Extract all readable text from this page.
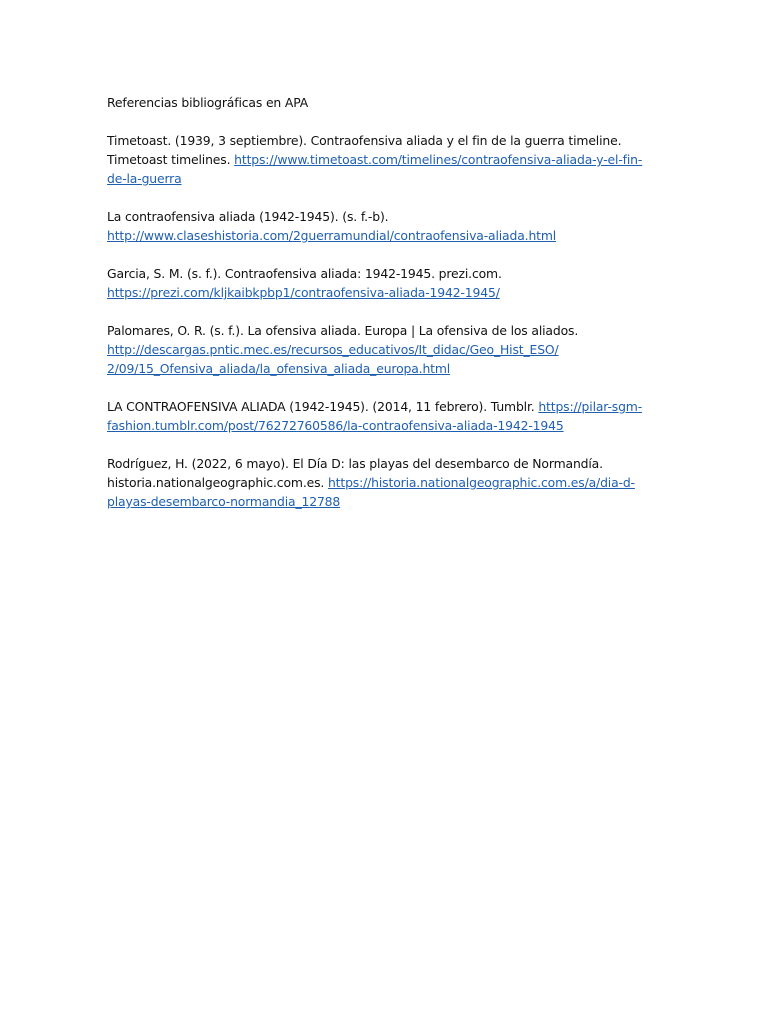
Referencias bibliográficas en APA

Timetoast. (1939, 3 septiembre). Contraofensiva aliada y el fin de la guerra timeline.
Timetoast timelines. https://www.timetoast.com/timelines/contraofensiva-aliada-y-el-fin-
de-la-guerra

La contraofensiva aliada (1942-1945). (s. f.-b).
http://www.claseshistoria.com/2guerramundial/contraofensiva-aliada.html

Garcia, S. M. (s. f.). Contraofensiva aliada: 1942-1945. prezi.com.
https://prezi.com/kljkaibkpbp1/contraofensiva-aliada-1942-1945/

Palomares, O. R. (s. f.). La ofensiva aliada. Europa | La ofensiva de los aliados.
http://descargas.pntic.mec.es/recursos_educativos/It_didac/Geo_Hist_ESO/
2/09/15_Ofensiva_aliada/la_ofensiva_aliada_europa.html

LA CONTRAOFENSIVA ALIADA (1942-1945). (2014, 11 febrero). Tumblr. https://pilar-sgm-
fashion.tumblr.com/post/76272760586/la-contraofensiva-aliada-1942-1945

Rodríguez, H. (2022, 6 mayo). El Día D: las playas del desembarco de Normandía.
historia.nationalgeographic.com.es. https://historia.nationalgeographic.com.es/a/dia-d-
playas-desembarco-normandia_12788
